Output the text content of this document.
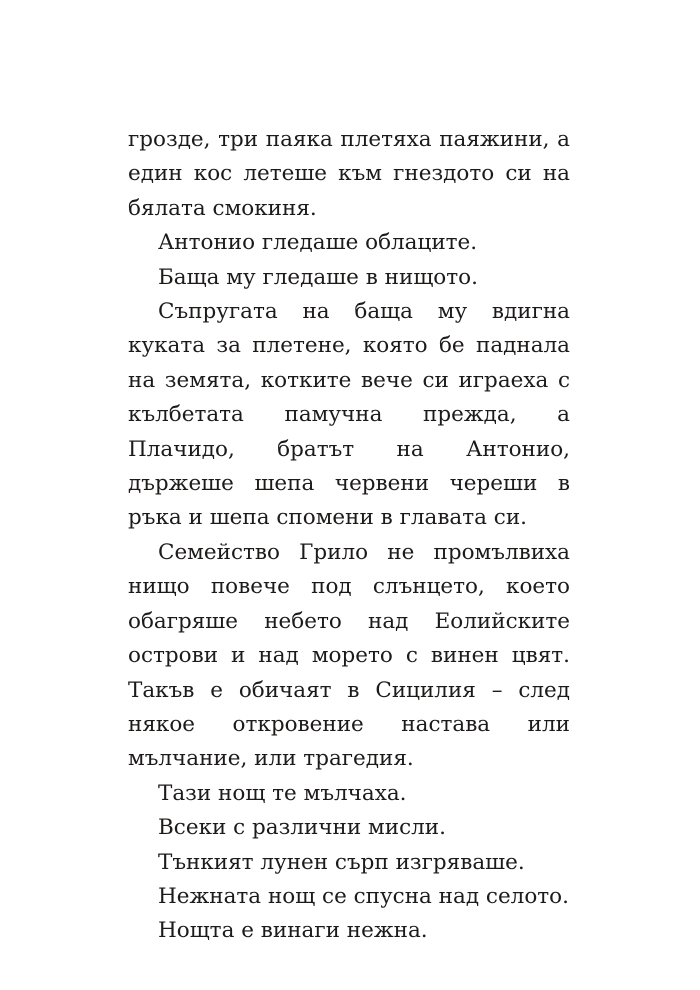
гроздe, три паяка плетяха паяжини, а един кос летеше към гнездото си на бялата смокиня.

Антонио гледаше облаците.

Баща му гледаше в нищото.

Съпругата на баща му вдигна куката за плетене, която бе паднала на земята, котките вече си играеха с кълбетата памучна прежда, а Плачидо, братът на Антонио, държеше шепа червени череши в ръка и шепа спомени в главата си.

Семейство Грило не промълвиха нищо повече под слънцето, което обагряше небето над Еолийските острови и над морето с винен цвят. Такъв е обичаят в Сицилия – след някое откровение настава или мълчание, или трагедия.

Тази нощ те мълчаха.

Всеки с различни мисли.

Тънкият лунен сърп изгряваше.

Нежната нощ се спусна над селото.

Нощта е винаги нежна.
